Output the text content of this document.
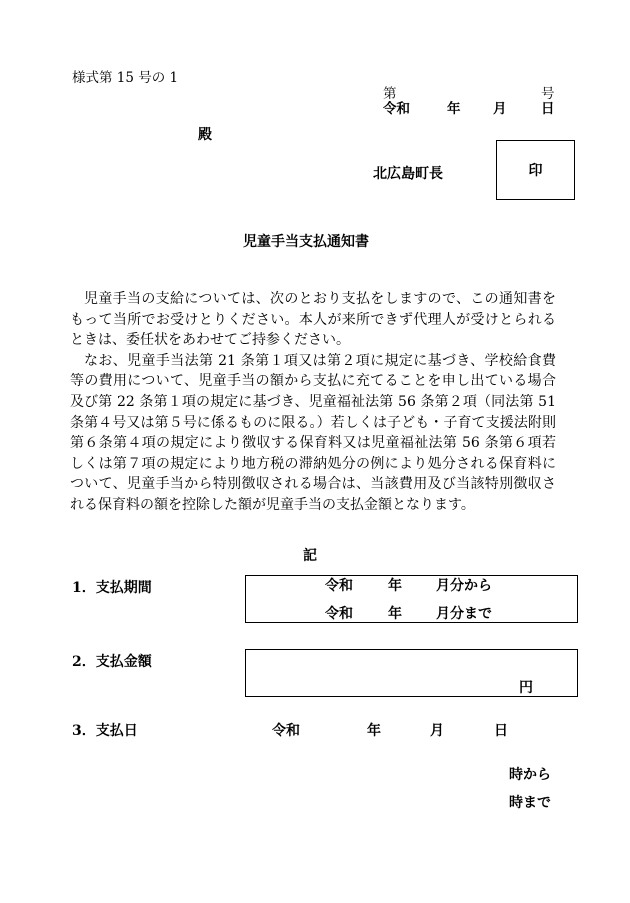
様式第 15 号の 1
第	号
令和	年 月	日
殿
北広島町長	印
児童手当支払通知書

児童手当の支給については、次のとおり支払をしますので、この通知書をもって当所でお受けとりください。本人が来所できず代理人が受けとられるときは、委任状をあわせてご持参ください。

なお、児童手当法第 21 条第１項又は第２項に規定に基づき、学校給食費等の費用について、児童手当の額から支払に充てることを申し出ている場合及び第 22 条第１項の規定に基づき、児童福祉法第 56 条第２項（同法第 51 条第４号又は第５号に係るものに限る。）若しくは子ども・子育て支援法附則第６条第４項の規定により徴収する保育料又は児童福祉法第 56 条第６項若しくは第７項の規定により地方税の滞納処分の例により処分される保育料について、児童手当から特別徴収される場合は、当該費用及び当該特別徴収される保育料の額を控除した額が児童手当の支払金額となります。

記
1．支払期間	令和	年 月分から
令和	年 月分まで
2．支払金額
円
3．支払日	令和	年	月	日
時から
時まで
